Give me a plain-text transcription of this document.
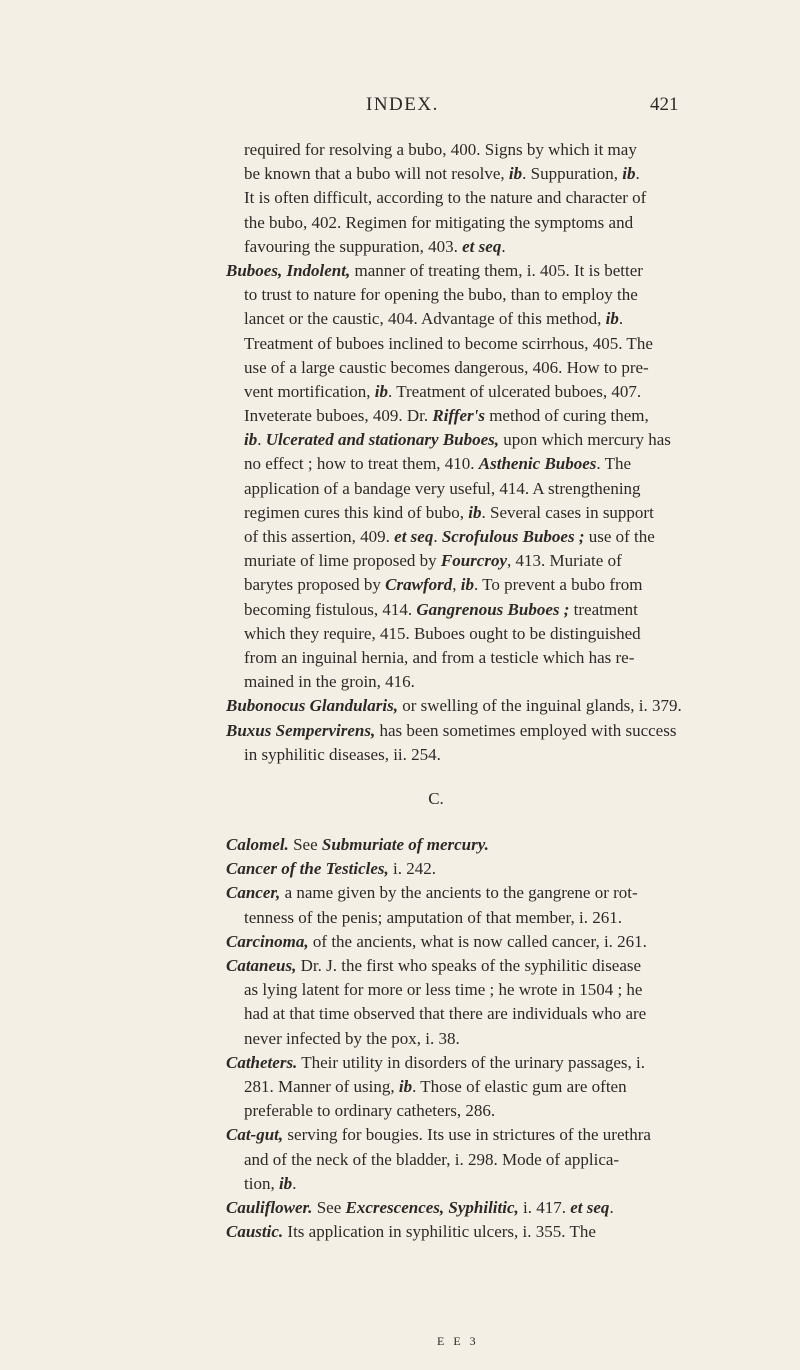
INDEX.	421
required for resolving a bubo, 400. Signs by which it may
be known that a bubo will not resolve, ib. Suppuration, ib.
It is often difficult, according to the nature and character of
the bubo, 402. Regimen for mitigating the symptoms and
favouring the suppuration, 403. et seq.
Buboes, Indolent, manner of treating them, i. 405. It is better
to trust to nature for opening the bubo, than to employ the
lancet or the caustic, 404. Advantage of this method, ib.
Treatment of buboes inclined to become scirrhous, 405. The
use of a large caustic becomes dangerous, 406. How to pre-
vent mortification, ib. Treatment of ulcerated buboes, 407.
Inveterate buboes, 409. Dr. Riffer's method of curing them,
ib. Ulcerated and stationary Buboes, upon which mercury has
no effect ; how to treat them, 410. Asthenic Buboes. The
application of a bandage very useful, 414. A strengthening
regimen cures this kind of bubo, ib. Several cases in support
of this assertion, 409. et seq. Scrofulous Buboes ; use of the
muriate of lime proposed by Fourcroy, 413. Muriate of
barytes proposed by Crawford, ib. To prevent a bubo from
becoming fistulous, 414. Gangrenous Buboes ; treatment
which they require, 415. Buboes ought to be distinguished
from an inguinal hernia, and from a testicle which has re-
mained in the groin, 416.
Bubonocus Glandularis, or swelling of the inguinal glands, i. 379.
Buxus Sempervirens, has been sometimes employed with success
in syphilitic diseases, ii. 254.
C.
Calomel. See Submuriate of mercury.
Cancer of the Testicles, i. 242.
Cancer, a name given by the ancients to the gangrene or rot-
tenness of the penis; amputation of that member, i. 261.
Carcinoma, of the ancients, what is now called cancer, i. 261.
Cataneus, Dr. J. the first who speaks of the syphilitic disease
as lying latent for more or less time ; he wrote in 1504 ; he
had at that time observed that there are individuals who are
never infected by the pox, i. 38.
Catheters. Their utility in disorders of the urinary passages, i.
281. Manner of using, ib. Those of elastic gum are often
preferable to ordinary catheters, 286.
Cat-gut, serving for bougies. Its use in strictures of the urethra
and of the neck of the bladder, i. 298. Mode of applica-
tion, ib.
Cauliflower. See Excrescences, Syphilitic, i. 417. et seq.
Caustic. Its application in syphilitic ulcers, i. 355. The
E E 3
